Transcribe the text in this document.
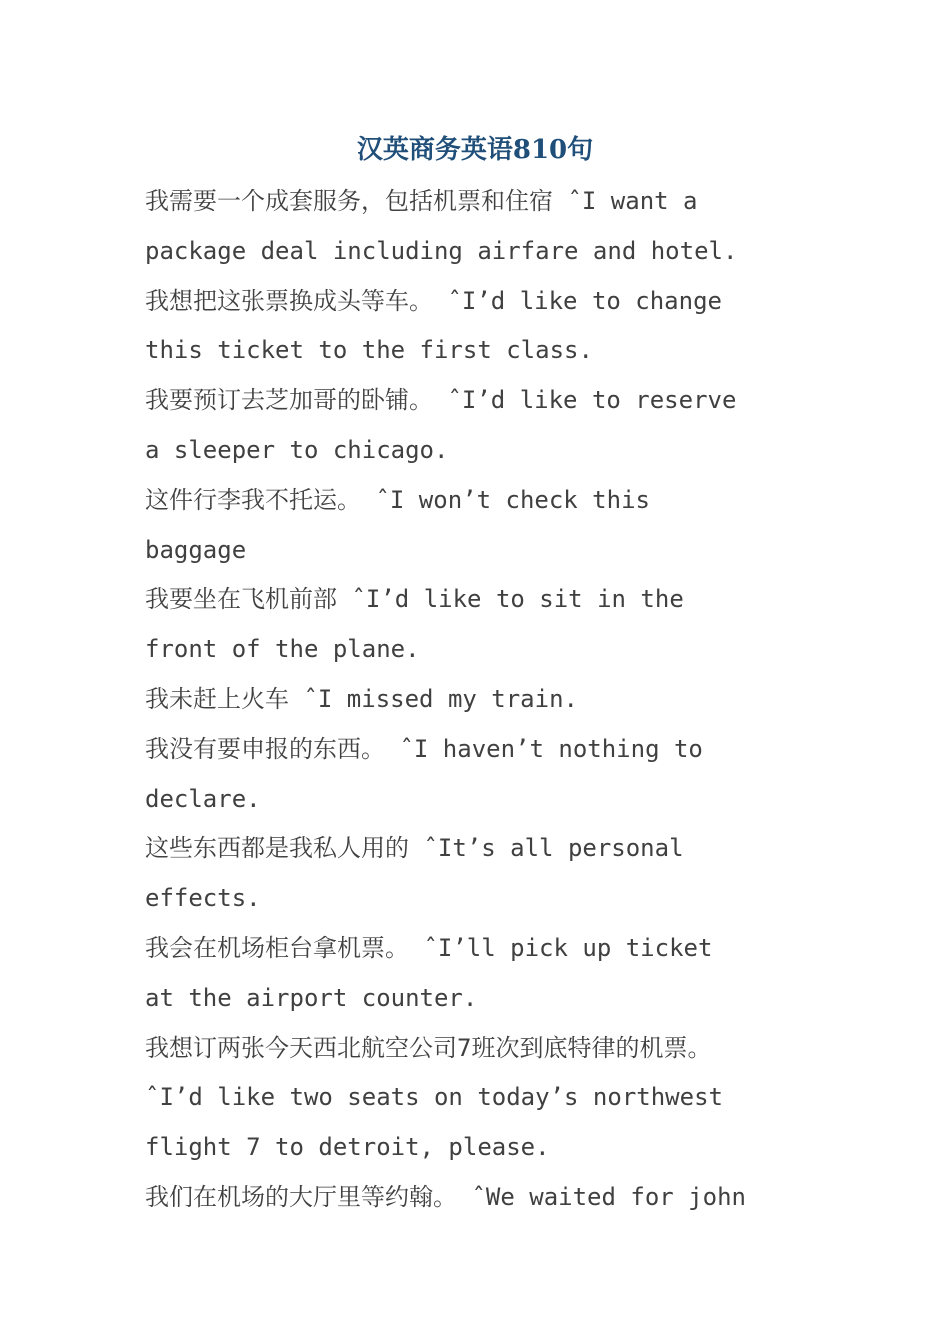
汉英商务英语810句
我需要一个成套服务，包括机票和住宿 ˆI want a
package deal including airfare and hotel.
我想把这张票换成头等车。 ˆI’d like to change
this ticket to the first class.
我要预订去芝加哥的卧铺。 ˆI’d like to reserve
a sleeper to chicago.
这件行李我不托运。 ˆI won’t check this
baggage
我要坐在飞机前部 ˆI’d like to sit in the
front of the plane.
我未赶上火车 ˆI missed my train.
我没有要申报的东西。 ˆI haven’t nothing to
declare.
这些东西都是我私人用的 ˆIt’s all personal
effects.
我会在机场柜台拿机票。 ˆI’ll pick up ticket
at the airport counter.
我想订两张今天西北航空公司7班次到底特律的机票。
ˆI’d like two seats on today’s northwest
flight 7 to detroit, please.
我们在机场的大厅里等约翰。 ˆWe waited for john
